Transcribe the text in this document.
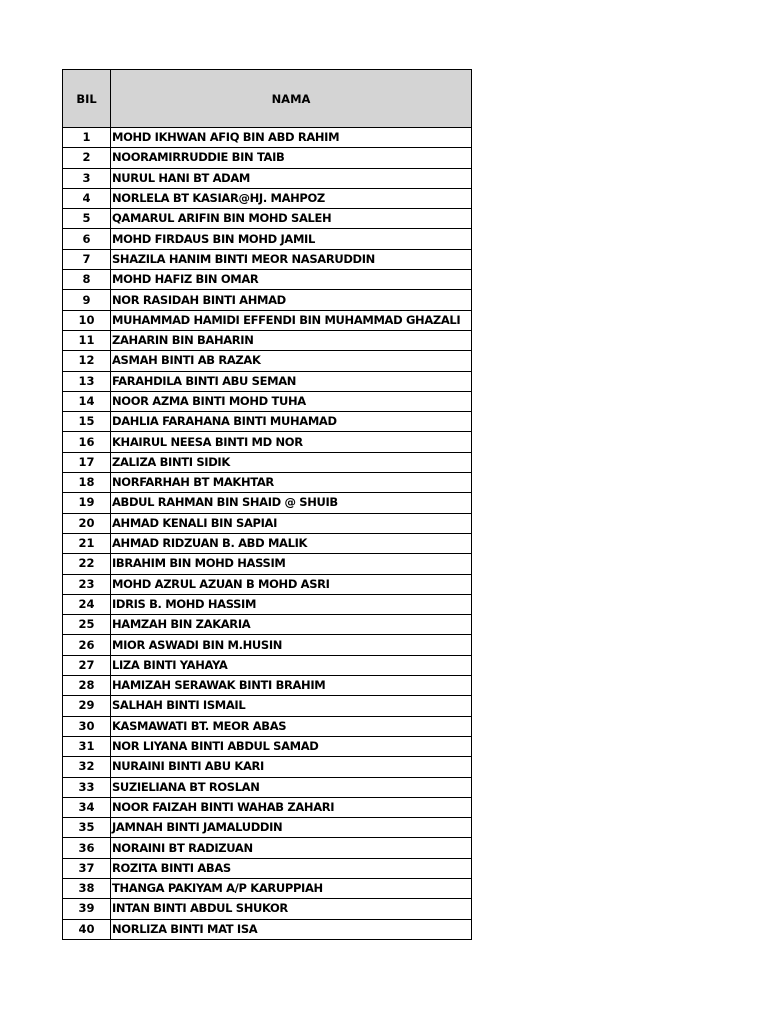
BIL	NAMA
1	MOHD IKHWAN AFIQ BIN ABD RAHIM
2	NOORAMIRRUDDIE BIN TAIB
3	NURUL HANI BT ADAM
4	NORLELA BT KASIAR@HJ. MAHPOZ
5	QAMARUL ARIFIN BIN MOHD SALEH
6	MOHD FIRDAUS BIN MOHD JAMIL
7	SHAZILA HANIM BINTI MEOR NASARUDDIN
8	MOHD HAFIZ BIN OMAR
9	NOR RASIDAH BINTI AHMAD
10	MUHAMMAD HAMIDI EFFENDI BIN MUHAMMAD GHAZALI
11	ZAHARIN BIN BAHARIN
12	ASMAH BINTI AB RAZAK
13	FARAHDILA BINTI ABU SEMAN
14	NOOR AZMA BINTI MOHD TUHA
15	DAHLIA FARAHANA BINTI MUHAMAD
16	KHAIRUL NEESA BINTI MD NOR
17	ZALIZA BINTI SIDIK
18	NORFARHAH BT MAKHTAR
19	ABDUL RAHMAN BIN SHAID @ SHUIB
20	AHMAD KENALI BIN SAPIAI
21	AHMAD RIDZUAN B. ABD MALIK
22	IBRAHIM BIN MOHD HASSIM
23	MOHD AZRUL AZUAN B MOHD ASRI
24	IDRIS B. MOHD HASSIM
25	HAMZAH BIN ZAKARIA
26	MIOR ASWADI BIN M.HUSIN
27	LIZA BINTI YAHAYA
28	HAMIZAH SERAWAK BINTI BRAHIM
29	SALHAH BINTI ISMAIL
30	KASMAWATI BT. MEOR ABAS
31	NOR LIYANA BINTI ABDUL SAMAD
32	NURAINI BINTI ABU KARI
33	SUZIELIANA BT ROSLAN
34	NOOR FAIZAH BINTI WAHAB ZAHARI
35	JAMNAH BINTI JAMALUDDIN
36	NORAINI BT RADIZUAN
37	ROZITA BINTI ABAS
38	THANGA PAKIYAM A/P KARUPPIAH
39	INTAN BINTI ABDUL SHUKOR
40	NORLIZA BINTI MAT ISA
